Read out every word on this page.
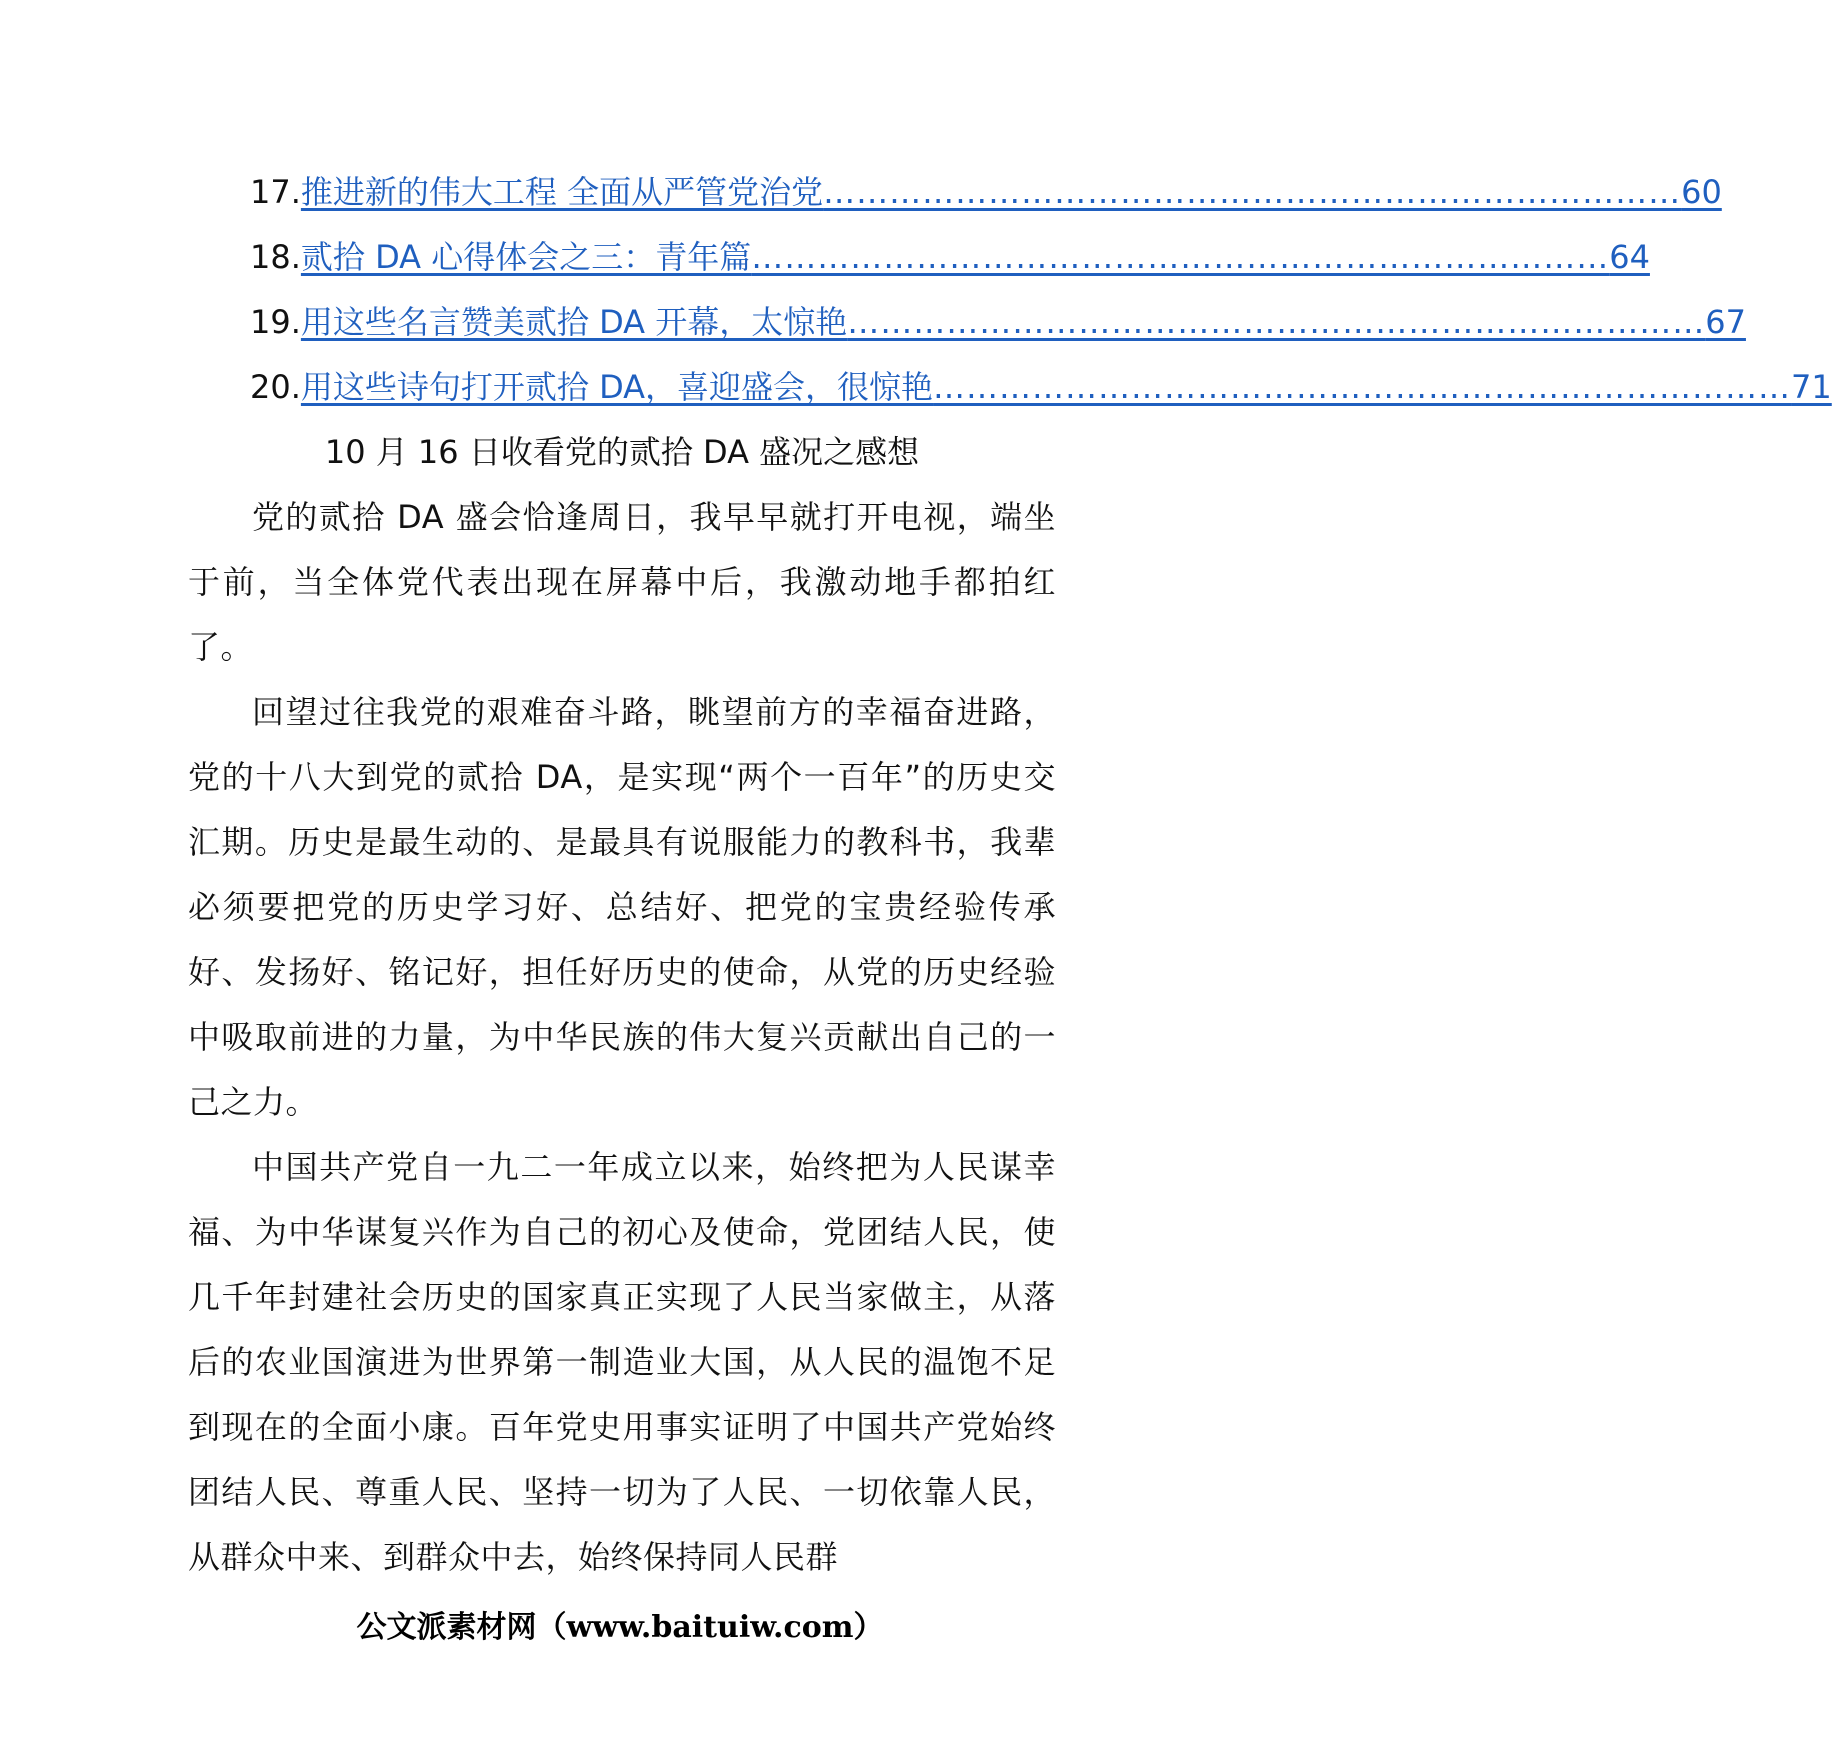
17. 推进新的伟大工程 全面从严管党治党 …………………………………………………………………… 60
18. 贰拾 DA 心得体会之三：青年篇 …………………………………………………………………… 64
19. 用这些名言赞美贰拾 DA 开幕，太惊艳 …………………………………………………………………… 67
20. 用这些诗句打开贰拾 DA，喜迎盛会，很惊艳 …………………………………………………………………… 71
10 月 16 日收看党的贰拾 DA 盛况之感想

党的贰拾 DA 盛会恰逢周日，我早早就打开电视，端坐于前，当全体党代表出现在屏幕中后，我激动地手都拍红了。

回望过往我党的艰难奋斗路，眺望前方的幸福奋进路，党的十八大到党的贰拾 DA，是实现“两个一百年”的历史交汇期。历史是最生动的、是最具有说服能力的教科书，我辈必须要把党的历史学习好、总结好、把党的宝贵经验传承好、发扬好、铭记好，担任好历史的使命，从党的历史经验中吸取前进的力量，为中华民族的伟大复兴贡献出自己的一己之力。

中国共产党自一九二一年成立以来，始终把为人民谋幸福、为中华谋复兴作为自己的初心及使命，党团结人民，使几千年封建社会历史的国家真正实现了人民当家做主，从落后的农业国演进为世界第一制造业大国，从人民的温饱不足到现在的全面小康。百年党史用事实证明了中国共产党始终团结人民、尊重人民、坚持一切为了人民、一切依靠人民，从群众中来、到群众中去，始终保持同人民群

公文派素材网（www.baituiw.com）
